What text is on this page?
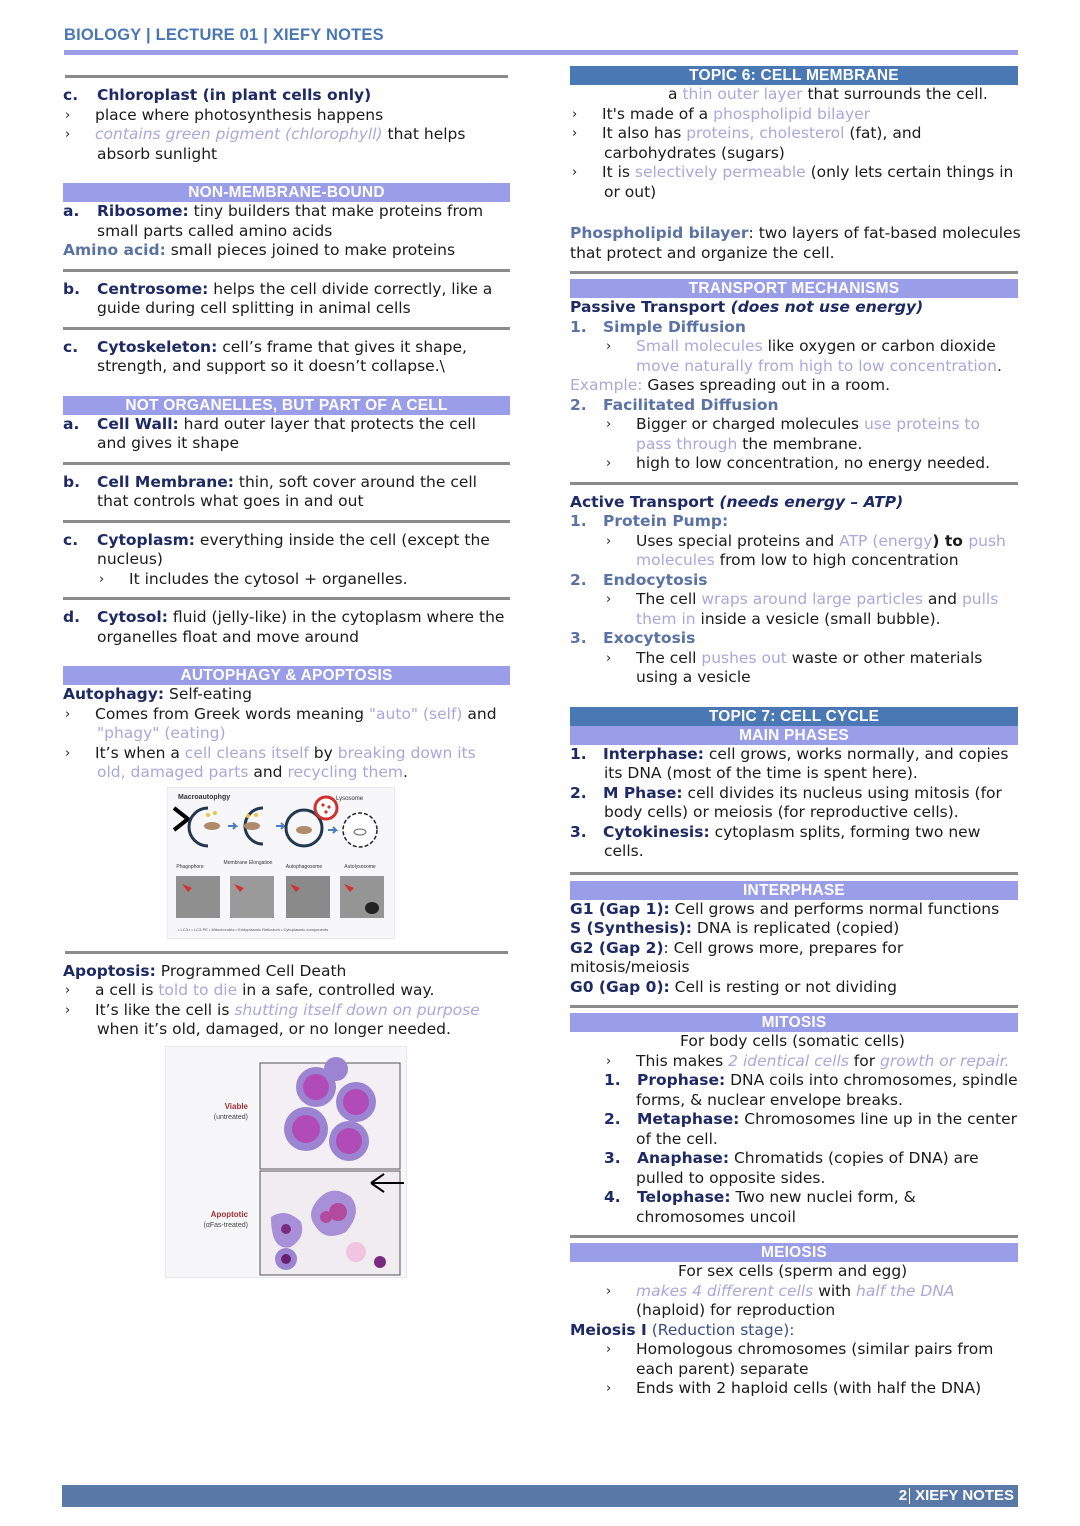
BIOLOGY | LECTURE 01 | XIEFY NOTES
c.	Chloroplast (in plant cells only)
›	place where photosynthesis happens
›	contains green pigment (chlorophyll) that helps
absorb sunlight
NON-MEMBRANE-BOUND
a.	Ribosome: tiny builders that make proteins from
small parts called amino acids
Amino acid: small pieces joined to make proteins
b.	Centrosome: helps the cell divide correctly, like a
guide during cell splitting in animal cells
c.	Cytoskeleton: cell’s frame that gives it shape,
strength, and support so it doesn’t collapse.\
NOT ORGANELLES, BUT PART OF A CELL
a.	Cell Wall: hard outer layer that protects the cell
and gives it shape
b.	Cell Membrane: thin, soft cover around the cell
that controls what goes in and out
c.	Cytoplasm: everything inside the cell (except the
nucleus)
›	It includes the cytosol + organelles.
d.	Cytosol: fluid (jelly-like) in the cytoplasm where the
organelles float and move around
AUTOPHAGY & APOPTOSIS
Autophagy: Self-eating
›	Comes from Greek words meaning "auto" (self) and
"phagy" (eating)
›	It’s when a cell cleans itself by breaking down its
old, damaged parts and recycling them.
Macroautophgy	Lysosome
Phagophore
Membrane Elongation
Autophagosome	Autolysosome
• LC3-I • LC3-PE • Mitochondria • Endoplasmic Reticulum • Cytoplasmic components
Apoptosis: Programmed Cell Death
›	a cell is told to die in a safe, controlled way.
›	It’s like the cell is shutting itself down on purpose
when it’s old, damaged, or no longer needed.
Viable
(untreated)
Apoptotic
(αFas-treated)
TOPIC 6: CELL MEMBRANE
a thin outer layer that surrounds the cell.
›	It's made of a phospholipid bilayer
›	It also has proteins, cholesterol (fat), and
carbohydrates (sugars)
›	It is selectively permeable (only lets certain things in
or out)
Phospholipid bilayer: two layers of fat-based molecules
that protect and organize the cell.
TRANSPORT MECHANISMS
Passive Transport (does not use energy)
1.	Simple Diffusion
›	Small molecules like oxygen or carbon dioxide
move naturally from high to low concentration.
Example: Gases spreading out in a room.
2.	Facilitated Diffusion
›	Bigger or charged molecules use proteins to
pass through the membrane.
›	high to low concentration, no energy needed.
Active Transport (needs energy – ATP)
1.	Protein Pump:
›	Uses special proteins and ATP (energy) to push
molecules from low to high concentration
2.	Endocytosis
›	The cell wraps around large particles and pulls
them in inside a vesicle (small bubble).
3.	Exocytosis
›	The cell pushes out waste or other materials
using a vesicle
TOPIC 7: CELL CYCLE
MAIN PHASES
1.	Interphase: cell grows, works normally, and copies
its DNA (most of the time is spent here).
2.	M Phase: cell divides its nucleus using mitosis (for
body cells) or meiosis (for reproductive cells).
3.	Cytokinesis: cytoplasm splits, forming two new
cells.
INTERPHASE
G1 (Gap 1): Cell grows and performs normal functions
S (Synthesis): DNA is replicated (copied)
G2 (Gap 2): Cell grows more, prepares for
mitosis/meiosis
G0 (Gap 0): Cell is resting or not dividing
MITOSIS
For body cells (somatic cells)
›	This makes 2 identical cells for growth or repair.
1.	Prophase: DNA coils into chromosomes, spindle
forms, & nuclear envelope breaks.
2.	Metaphase: Chromosomes line up in the center
of the cell.
3.	Anaphase: Chromatids (copies of DNA) are
pulled to opposite sides.
4.	Telophase: Two new nuclei form, &
chromosomes uncoil
MEIOSIS
For sex cells (sperm and egg)
›	makes 4 different cells with half the DNA
(haploid) for reproduction
Meiosis I (Reduction stage):
›	Homologous chromosomes (similar pairs from
each parent) separate
›	Ends with 2 haploid cells (with half the DNA)
2 XIEFY NOTES
